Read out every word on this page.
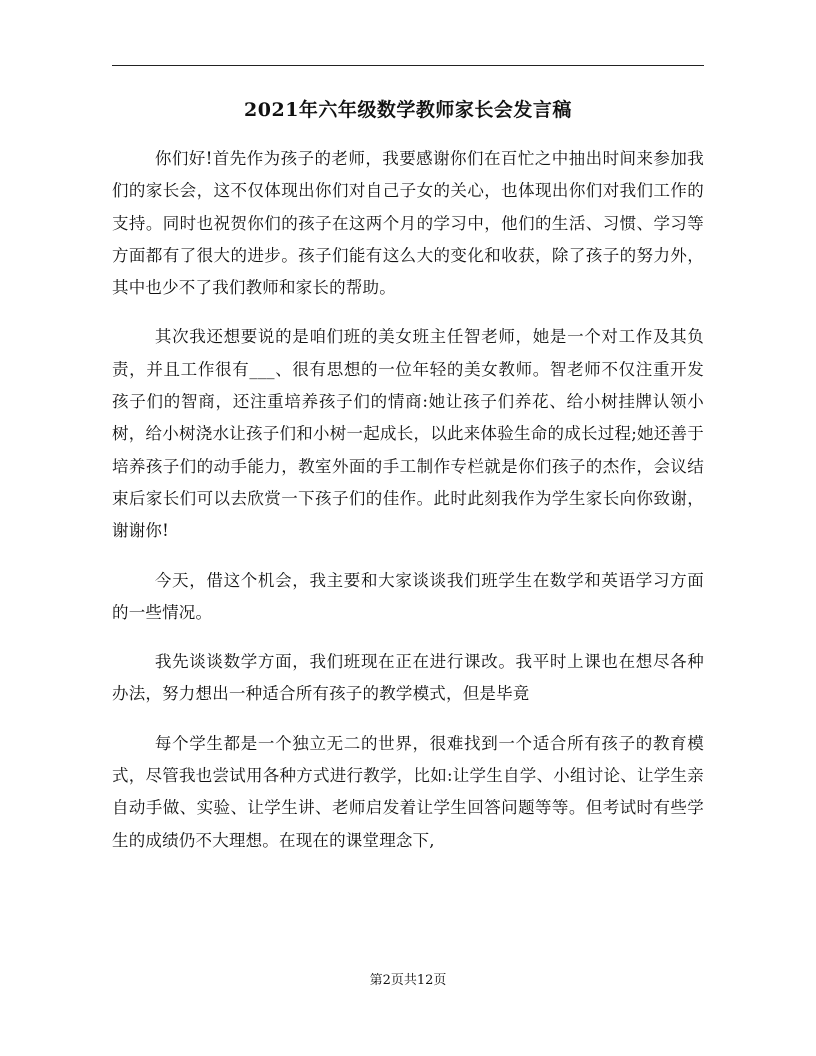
2021年六年级数学教师家长会发言稿

你们好!首先作为孩子的老师，我要感谢你们在百忙之中抽出时间来参加我们的家长会，这不仅体现出你们对自己子女的关心，也体现出你们对我们工作的支持。同时也祝贺你们的孩子在这两个月的学习中，他们的生活、习惯、学习等方面都有了很大的进步。孩子们能有这么大的变化和收获，除了孩子的努力外，其中也少不了我们教师和家长的帮助。

其次我还想要说的是咱们班的美女班主任智老师，她是一个对工作及其负责，并且工作很有___、很有思想的一位年轻的美女教师。智老师不仅注重开发孩子们的智商，还注重培养孩子们的情商:她让孩子们养花、给小树挂牌认领小树，给小树浇水让孩子们和小树一起成长，以此来体验生命的成长过程;她还善于培养孩子们的动手能力，教室外面的手工制作专栏就是你们孩子的杰作，会议结束后家长们可以去欣赏一下孩子们的佳作。此时此刻我作为学生家长向你致谢，谢谢你!

今天，借这个机会，我主要和大家谈谈我们班学生在数学和英语学习方面的一些情况。

我先谈谈数学方面，我们班现在正在进行课改。我平时上课也在想尽各种办法，努力想出一种适合所有孩子的教学模式，但是毕竟

每个学生都是一个独立无二的世界，很难找到一个适合所有孩子的教育模式，尽管我也尝试用各种方式进行教学，比如:让学生自学、小组讨论、让学生亲自动手做、实验、让学生讲、老师启发着让学生回答问题等等。但考试时有些学生的成绩仍不大理想。在现在的课堂理念下,

第2页共12页
